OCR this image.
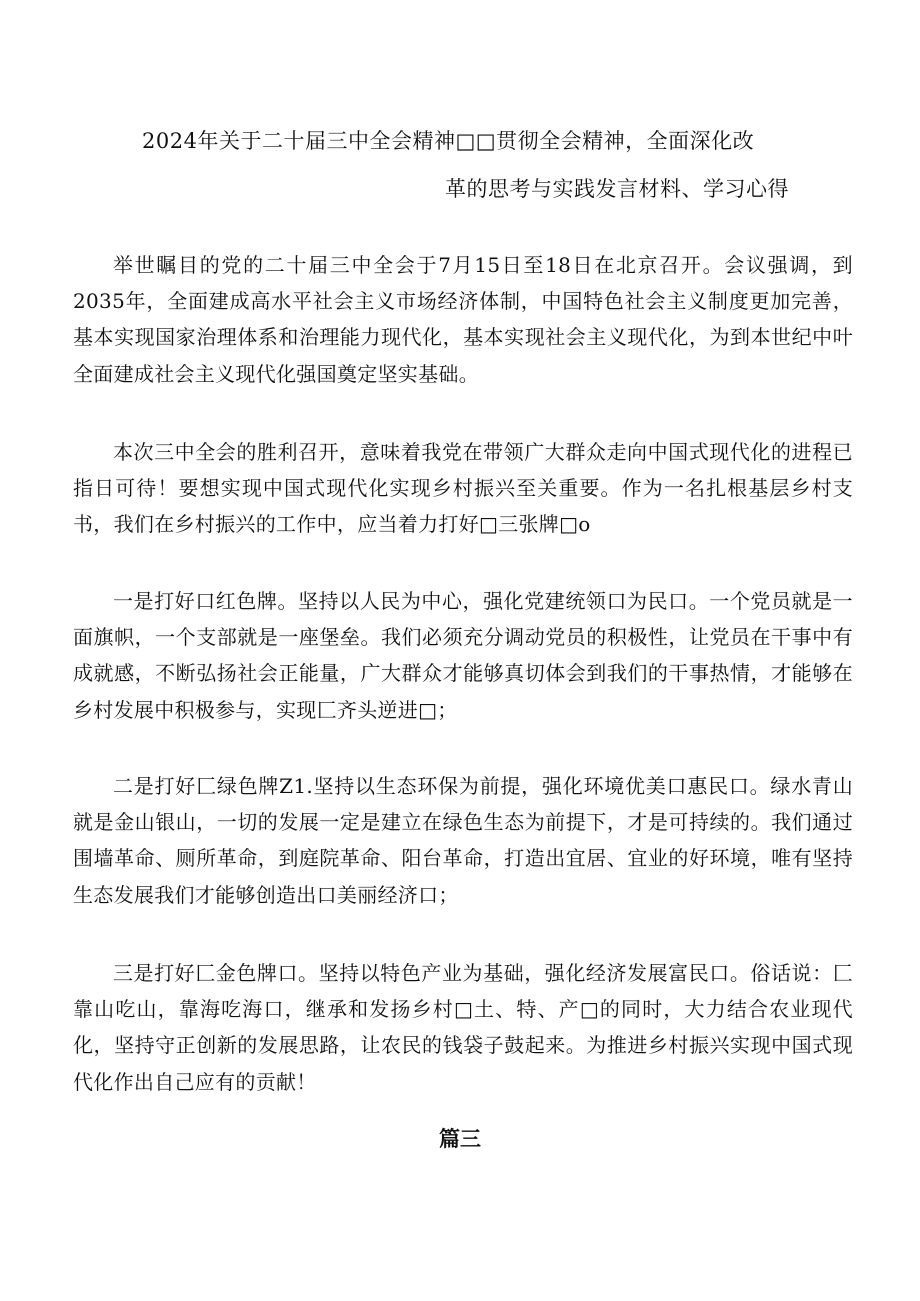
2024年关于二十届三中全会精神□□贯彻全会精神，全面深化改
革的思考与实践发言材料、学习心得

举世瞩目的党的二十届三中全会于7月15日至18日在北京召开。会议强调，到2035年，全面建成高水平社会主义市场经济体制，中国特色社会主义制度更加完善，基本实现国家治理体系和治理能力现代化，基本实现社会主义现代化，为到本世纪中叶全面建成社会主义现代化强国奠定坚实基础。

本次三中全会的胜利召开，意味着我党在带领广大群众走向中国式现代化的进程已指日可待！要想实现中国式现代化实现乡村振兴至关重要。作为一名扎根基层乡村支书，我们在乡村振兴的工作中，应当着力打好□三张牌□o

一是打好口红色牌。坚持以人民为中心，强化党建统领口为民口。一个党员就是一面旗帜，一个支部就是一座堡垒。我们必须充分调动党员的积极性，让党员在干事中有成就感，不断弘扬社会正能量，广大群众才能够真切体会到我们的干事热情，才能够在乡村发展中积极参与，实现匚齐头逆进□；

二是打好匚绿色牌Z1.坚持以生态环保为前提，强化环境优美口惠民口。绿水青山就是金山银山，一切的发展一定是建立在绿色生态为前提下，才是可持续的。我们通过围墙革命、厕所革命，到庭院革命、阳台革命，打造出宜居、宜业的好环境，唯有坚持生态发展我们才能够创造出口美丽经济口；

三是打好匚金色牌口。坚持以特色产业为基础，强化经济发展富民口。俗话说：匚靠山吃山，靠海吃海口，继承和发扬乡村□土、特、产□的同时，大力结合农业现代化，坚持守正创新的发展思路，让农民的钱袋子鼓起来。为推进乡村振兴实现中国式现代化作出自己应有的贡献！

篇三
